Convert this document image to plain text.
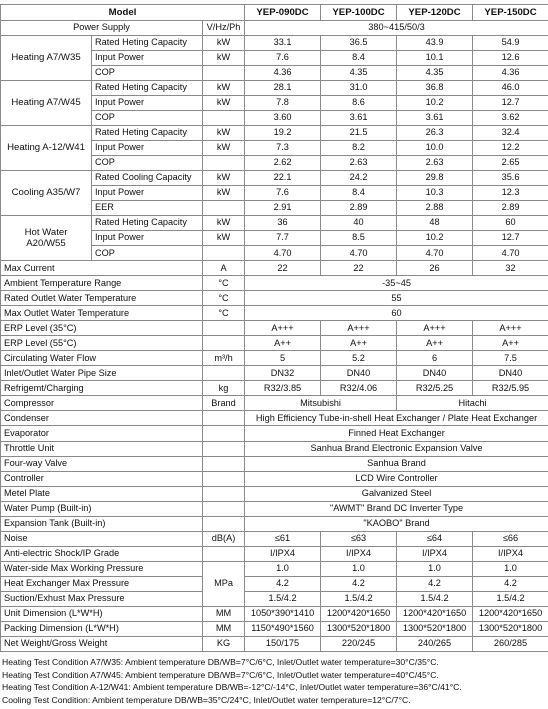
Model			YEP-090DC	YEP-100DC	YEP-120DC	YEP-150DC
Power Supply		V/Hz/Ph	380~415/50/3			
Heating A7/W35	Rated Heting Capacity	kW	33.1	36.5	43.9	54.9
	Input Power	kW	7.6	8.4	10.1	12.6
	COP		4.36	4.35	4.35	4.36
Heating A7/W45	Rated Heting Capacity	kW	28.1	31.0	36.8	46.0
	Input Power	kW	7.8	8.6	10.2	12.7
	COP		3.60	3.61	3.61	3.62
Heating A-12/W41	Rated Heting Capacity	kW	19.2	21.5	26.3	32.4
	Input Power	kW	7.3	8.2	10.0	12.2
	COP		2.62	2.63	2.63	2.65
Cooling A35/W7	Rated Cooling Capacity	kW	22.1	24.2	29.8	35.6
	Input Power	kW	7.6	8.4	10.3	12.3
	EER		2.91	2.89	2.88	2.89
Hot Water A20/W55	Rated Heting Capacity	kW	36	40	48	60
	Input Power	kW	7.7	8.5	10.2	12.7
	COP		4.70	4.70	4.70	4.70
Max Current		A	22	22	26	32
Ambient Temperature Range		°C	-35~45			
Rated Outlet Water Temperature		°C	55			
Max Outlet Water Temperature		°C	60			
ERP Level (35°C)			A+++	A+++	A+++	A+++
ERP Level (55°C)			A++	A++	A++	A++
Circulating Water Flow		m³/h	5	5.2	6	7.5
Inlet/Outlet Water Pipe Size			DN32	DN40	DN40	DN40
Refrigemt/Charging		kg	R32/3.85	R32/4.06	R32/5.25	R32/5.95
Compressor		Brand	Mitsubishi		Hitachi	
Condenser			High Efficiency Tube-in-shell Heat Exchanger / Plate Heat Exchanger			
Evaporator			Finned Heat Exchanger			
Throttle Unit			Sanhua Brand Electronic Expansion Valve			
Four-way Valve			Sanhua Brand			
Controller			LCD Wire Controller			
Metel Plate			Galvanized Steel			
Water Pump (Built-in)			"AWMT" Brand DC Inverter Type			
Expansion Tank (Built-in)			"KAOBO" Brand			
Noise		dB(A)	≤61	≤63	≤64	≤66
Anti-electric Shock/IP Grade			I/IPX4	I/IPX4	I/IPX4	I/IPX4
Water-side Max Working Pressure		MPa	1.0	1.0	1.0	1.0
Heat Exchanger Max Pressure			4.2	4.2	4.2	4.2
Suction/Exhust Max Pressure			1.5/4.2	1.5/4.2	1.5/4.2	1.5/4.2
Unit Dimension (L*W*H)		MM	1050*390*1410	1200*420*1650	1200*420*1650	1200*420*1650
Packing Dimension (L*W*H)		MM	1150*490*1560	1300*520*1800	1300*520*1800	1300*520*1800
Net Weight/Gross Weight		KG	150/175	220/245	240/265	260/285
Heating Test Condition A7/W35: Ambient temperature DB/WB=7°C/6°C, Inlet/Outlet water temperature=30°C/35°C.
Heating Test Condition A7/W45: Ambient temperature DB/WB=7°C/6°C, Inlet/Outlet water temperature=40°C/45°C.
Heating Test Condition A-12/W41: Ambient temperature DB/WB=-12°C/-14°C, Inlet/Outlet water temperature=36°C/41°C.
Cooling Test Condition: Ambient temperature DB/WB=35°C/24°C, Inlet/Outlet water temperature=12°C/7°C.
